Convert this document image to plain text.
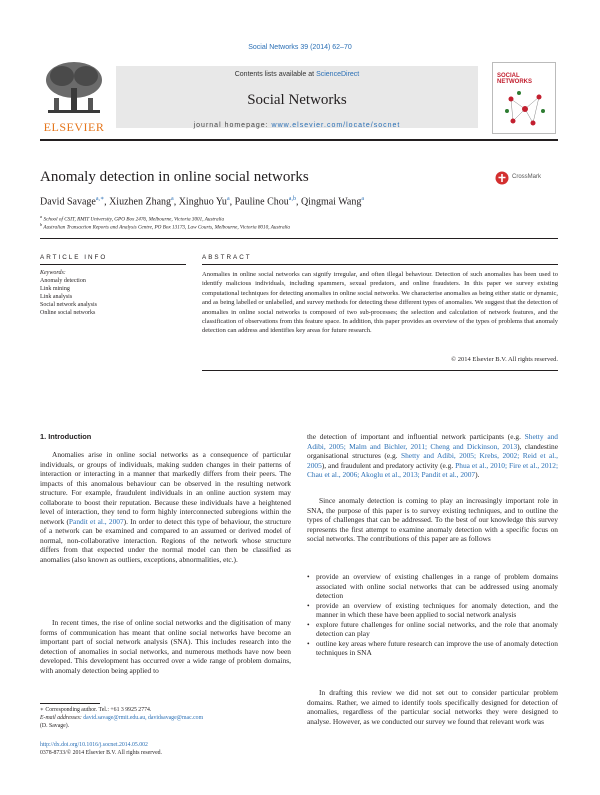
Social Networks 39 (2014) 62–70
ELSEVIER
Contents lists available at ScienceDirect
Social Networks
journal homepage: www.elsevier.com/locate/socnet
SOCIAL NETWORKS
Anomaly detection in online social networks	CrossMark
David Savage$^{a,∗}$, Xiuzhen Zhang$^a$, Xinghuo Yu$^a$, Pauline Chou$^{a,b}$, Qingmai Wang$^a$
$^a$ School of CSIT, RMIT University, GPO Box 2476, Melbourne, Victoria 3001, Australia
$^b$ Australian Transaction Reports and Analysis Centre, PO Box 13173, Law Courts, Melbourne, Victoria 8010, Australia
ARTICLE INFO
Keywords:
Anomaly detection
Link mining
Link analysis
Social network analysis
Online social networks
ABSTRACT
Anomalies in online social networks can signify irregular, and often illegal behaviour. Detection of such anomalies has been used to identify malicious individuals, including spammers, sexual predators, and online fraudsters. In this paper we survey existing computational techniques for detecting anomalies in online social networks. We characterise anomalies as being either static or dynamic, and as being labelled or unlabelled, and survey methods for detecting these different types of anomalies. We suggest that the detection of anomalies in online social networks is composed of two sub-processes; the selection and calculation of network features, and the classification of observations from this feature space. In addition, this paper provides an overview of the types of problems that anomaly detection can address and identifies key areas for future research.
© 2014 Elsevier B.V. All rights reserved.
1. Introduction
Anomalies arise in online social networks as a consequence of particular individuals, or groups of individuals, making sudden changes in their patterns of interaction or interacting in a manner that markedly differs from their peers. The impacts of this anomalous behaviour can be observed in the resulting network structure. For example, fraudulent individuals in an online auction system may collaborate to boost their reputation. Because these individuals have a heightened level of interaction, they tend to form highly interconnected subregions within the network (Pandit et al., 2007). In order to detect this type of behaviour, the structure of a network can be examined and compared to an assumed or derived model of normal, non-collaborative interaction. Regions of the network whose structure differs from that expected under the normal model can then be classified as anomalies (also known as outliers, exceptions, abnormalities, etc.).
In recent times, the rise of online social networks and the digitisation of many forms of communication has meant that online social networks have become an important part of social network analysis (SNA). This includes research into the detection of anomalies in social networks, and numerous methods have now been developed. This development has occurred over a wide range of problem domains, with anomaly detection being applied to
the detection of important and influential network participants (e.g. Shetty and Adibi, 2005; Malm and Bichler, 2011; Cheng and Dickinson, 2013), clandestine organisational structures (e.g. Shetty and Adibi, 2005; Krebs, 2002; Reid et al., 2005), and fraudulent and predatory activity (e.g. Phua et al., 2010; Fire et al., 2012; Chau et al., 2006; Akoglu et al., 2013; Pandit et al., 2007).
Since anomaly detection is coming to play an increasingly important role in SNA, the purpose of this paper is to survey existing techniques, and to outline the types of challenges that can be addressed. To the best of our knowledge this survey represents the first attempt to examine anomaly detection with a specific focus on social networks. The contributions of this paper are as follows
• provide an overview of existing challenges in a range of problem domains associated with online social networks that can be addressed using anomaly detection
• provide an overview of existing techniques for anomaly detection, and the manner in which these have been applied to social network analysis
• explore future challenges for online social networks, and the role that anomaly detection can play
• outline key areas where future research can improve the use of anomaly detection techniques in SNA
In drafting this review we did not set out to consider particular problem domains. Rather, we aimed to identify tools specifically designed for detection of anomalies, regardless of the particular social networks they were designed to analyse. However, as we conducted our survey we found that relevant work was
∗ Corresponding author. Tel.: +61 3 9925 2774.
E-mail addresses: david.savage@rmit.edu.au, davidsavage@mac.com
(D. Savage).
http://dx.doi.org/10.1016/j.socnet.2014.05.002
0378-8733/© 2014 Elsevier B.V. All rights reserved.
